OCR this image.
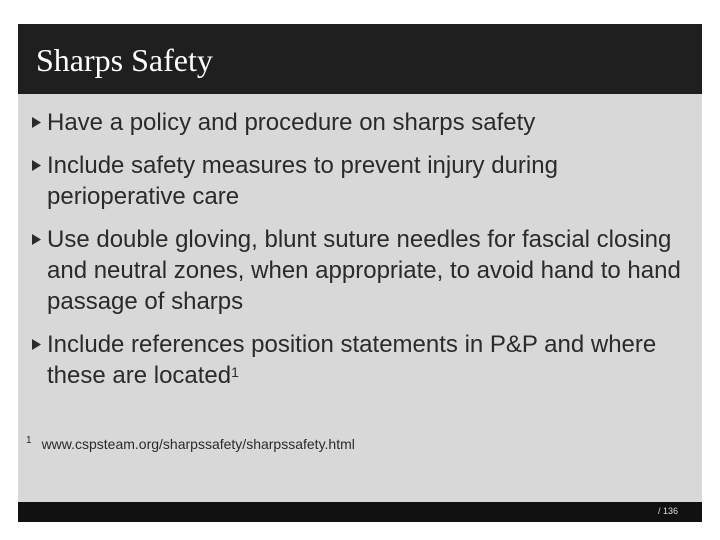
Sharps Safety
Have a policy and procedure on sharps safety
Include safety measures to prevent injury during perioperative care
Use double gloving, blunt suture needles for fascial closing and neutral zones, when appropriate, to avoid hand to hand passage of sharps
Include references position statements in P&P and where these are located$^1$
$^1$ www.cspsteam.org/sharpssafety/sharpssafety.html
/ 136
